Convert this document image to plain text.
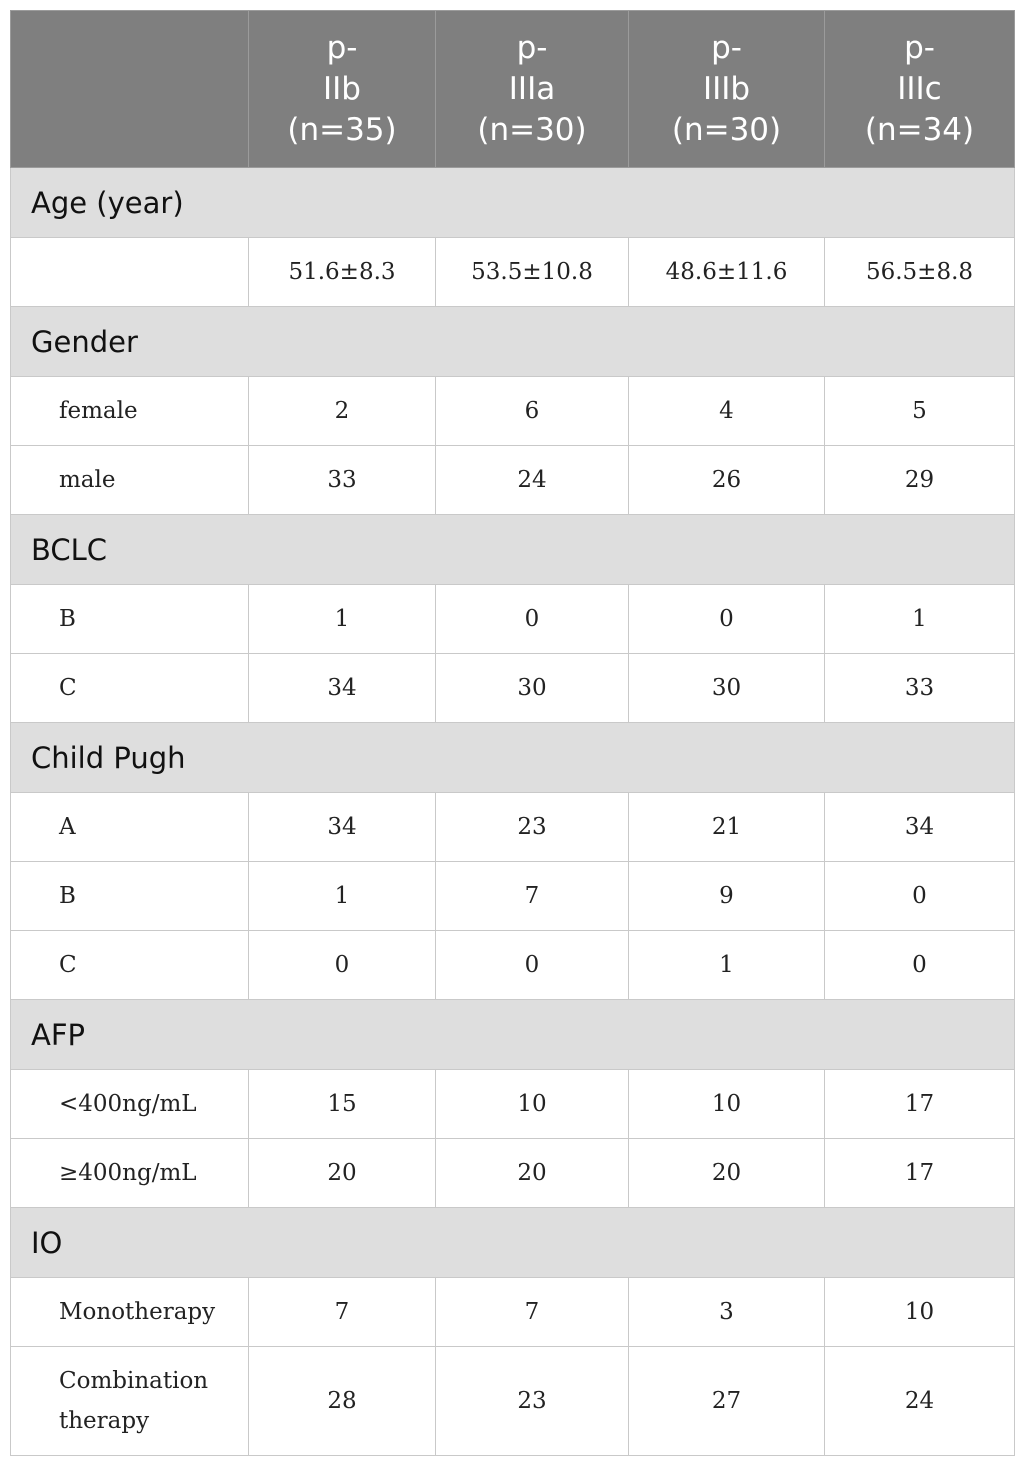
	p-
IIb
(n=35)	p-
IIIa
(n=30)	p-
IIIb
(n=30)	p-
IIIc
(n=34)

Age (year)				
	51.6±8.3	53.5±10.8	48.6±11.6	56.5±8.8
Gender				
female	2	6	4	5
male	33	24	26	29
BCLC				
B	1	0	0	1
C	34	30	30	33
Child Pugh				
A	34	23	21	34
B	1	7	9	0
C	0	0	1	0
AFP				
<400ng/mL	15	10	10	17
≥400ng/mL	20	20	20	17
IO				
Monotherapy	7	7	3	10
Combination therapy	28	23	27	24
